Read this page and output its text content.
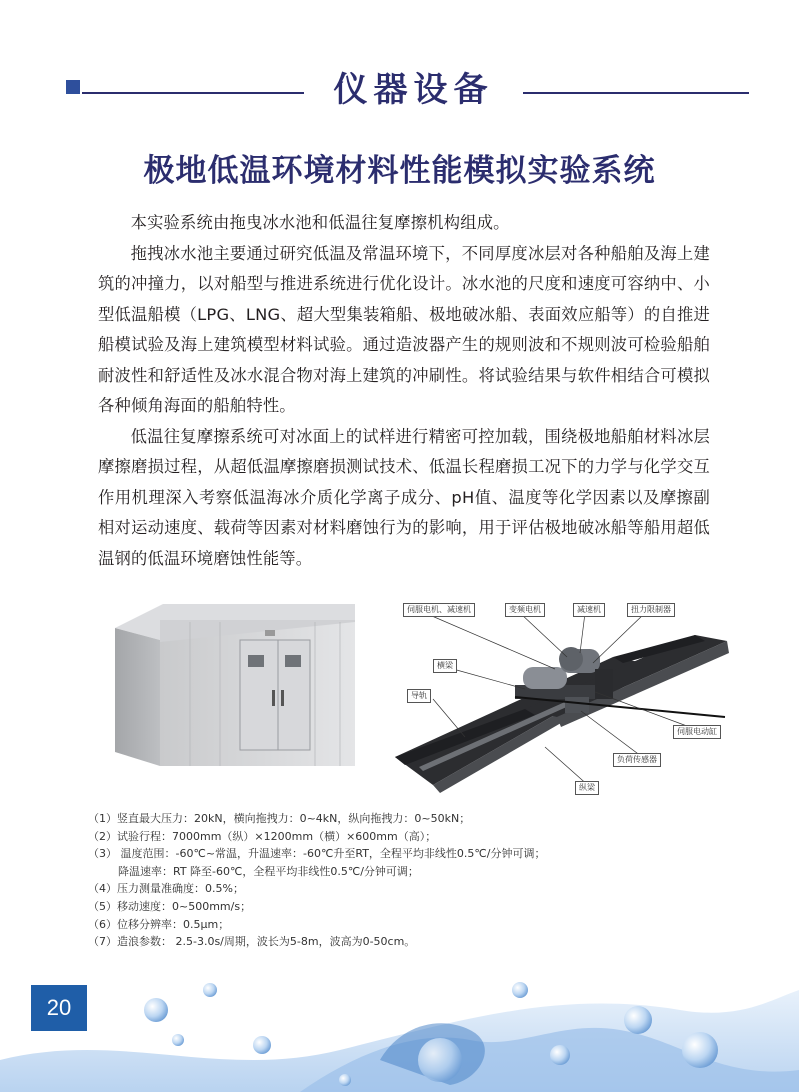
仪器设备
极地低温环境材料性能模拟实验系统

本实验系统由拖曳冰水池和低温往复摩擦机构组成。

拖拽冰水池主要通过研究低温及常温环境下，不同厚度冰层对各种船舶及海上建筑的冲撞力，以对船型与推进系统进行优化设计。冰水池的尺度和速度可容纳中、小型低温船模（LPG、LNG、超大型集装箱船、极地破冰船、表面效应船等）的自推进船模试验及海上建筑模型材料试验。通过造波器产生的规则波和不规则波可检验船舶耐波性和舒适性及冰水混合物对海上建筑的冲刷性。将试验结果与软件相结合可模拟各种倾角海面的船舶特性。

低温往复摩擦系统可对冰面上的试样进行精密可控加载，围绕极地船舶材料冰层摩擦磨损过程，从超低温摩擦磨损测试技术、低温长程磨损工况下的力学与化学交互作用机理深入考察低温海冰介质化学离子成分、pH值、温度等化学因素以及摩擦副相对运动速度、载荷等因素对材料磨蚀行为的影响，用于评估极地破冰船等船用超低温钢的低温环境磨蚀性能等。

伺服电机、减速机	变频电机	减速机	扭力限制器
横梁
导轨
伺服电动缸
负荷传感器
纵梁
（1）竖直最大压力：20kN，横向拖拽力：0~4kN，纵向拖拽力：0~50kN；
（2）试验行程：7000mm（纵）×1200mm（横）×600mm（高）；
（3） 温度范围：-60℃~常温，升温速率：-60℃升至RT，全程平均非线性0.5℃/分钟可调；
降温速率：RT 降至-60℃，全程平均非线性0.5℃/分钟可调；
（4）压力测量准确度：0.5%；
（5）移动速度：0~500mm/s；
（6）位移分辨率：0.5μm；
（7）造浪参数： 2.5-3.0s/周期，波长为5-8m，波高为0-50cm。
20
